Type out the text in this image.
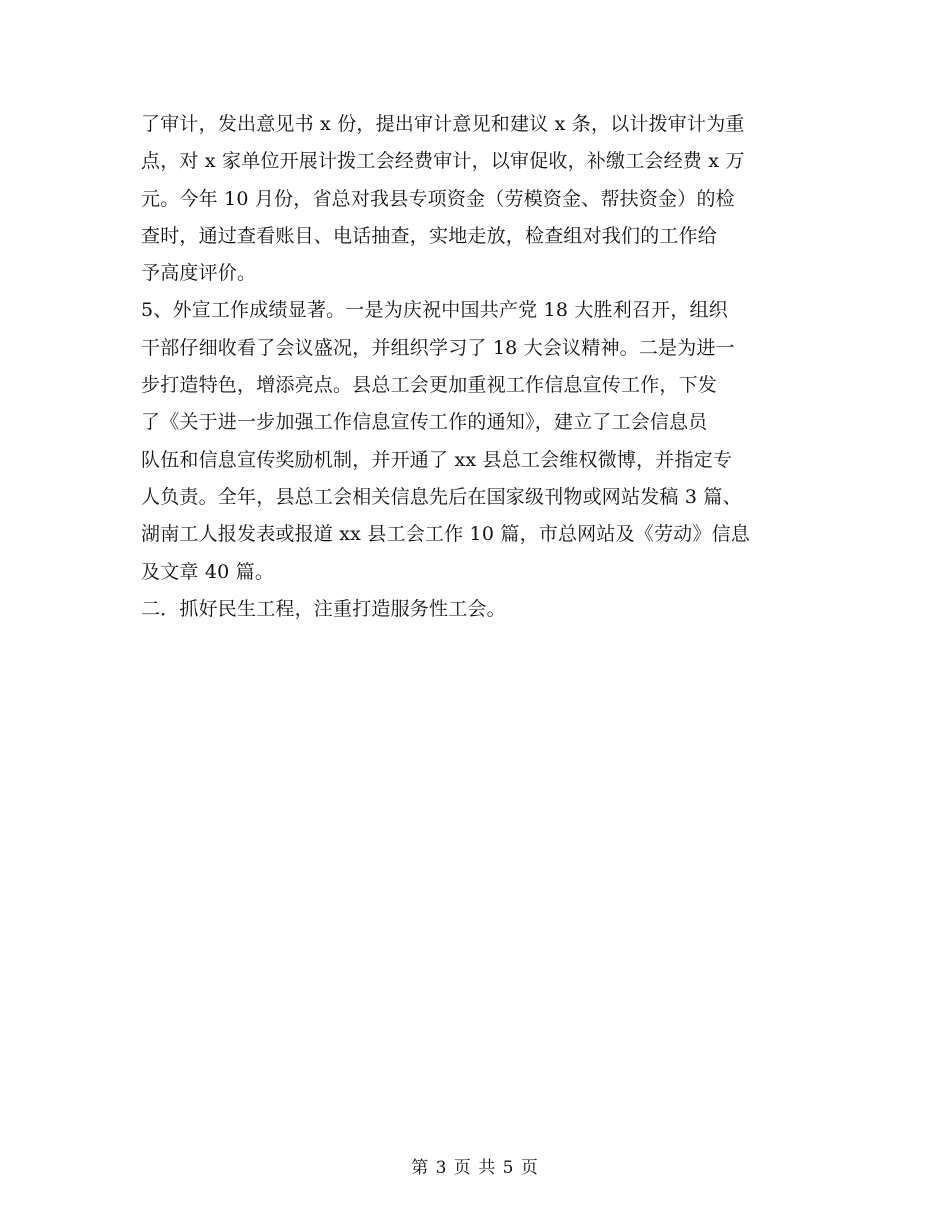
了审计，发出意见书 x 份，提出审计意见和建议 x 条，以计拨审计为重
点，对 x 家单位开展计拨工会经费审计，以审促收，补缴工会经费 x 万
元。今年 10 月份，省总对我县专项资金（劳模资金、帮扶资金）的检
查时，通过查看账目、电话抽查，实地走放，检查组对我们的工作给
予高度评价。
5、外宣工作成绩显著。一是为庆祝中国共产党 18 大胜利召开，组织
干部仔细收看了会议盛况，并组织学习了 18 大会议精神。二是为进一
步打造特色，增添亮点。县总工会更加重视工作信息宣传工作，下发
了《关于进一步加强工作信息宣传工作的通知》，建立了工会信息员
队伍和信息宣传奖励机制，并开通了 xx 县总工会维权微博，并指定专
人负责。全年，县总工会相关信息先后在国家级刊物或网站发稿 3 篇、
湖南工人报发表或报道 xx 县工会工作 10 篇，市总网站及《劳动》信息
及文章 40 篇。
二．抓好民生工程，注重打造服务性工会。
第 3 页 共 5 页
